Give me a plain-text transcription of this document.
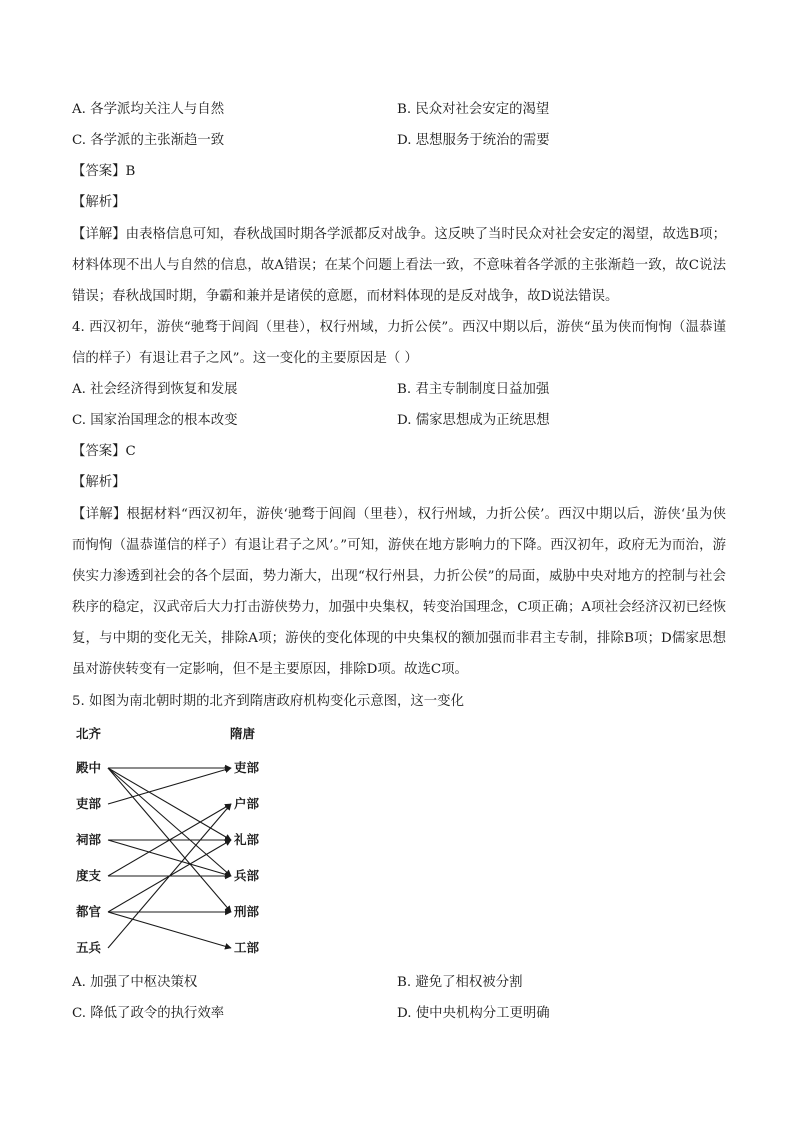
A. 各学派均关注人与自然	B. 民众对社会安定的渴望
C. 各学派的主张渐趋一致	D. 思想服务于统治的需要
【答案】B
【解析】
【详解】由表格信息可知，春秋战国时期各学派都反对战争。这反映了当时民众对社会安定的渴望，故选B项；材料体现不出人与自然的信息，故A错误；在某个问题上看法一致，不意味着各学派的主张渐趋一致，故C说法错误；春秋战国时期，争霸和兼并是诸侯的意愿，而材料体现的是反对战争，故D说法错误。
4. 西汉初年，游侠“驰骛于闾阎（里巷），权行州域，力折公侯”。西汉中期以后，游侠“虽为侠而恂恂（温恭谨信的样子）有退让君子之风”。这一变化的主要原因是（ ）
A. 社会经济得到恢复和发展	B. 君主专制制度日益加强
C. 国家治国理念的根本改变	D. 儒家思想成为正统思想
【答案】C
【解析】
【详解】根据材料“西汉初年，游侠‘驰骛于闾阎（里巷），权行州域，力折公侯’。西汉中期以后，游侠‘虽为侠而恂恂（温恭谨信的样子）有退让君子之风’。”可知，游侠在地方影响力的下降。西汉初年，政府无为而治，游侠实力渗透到社会的各个层面，势力渐大，出现“权行州县，力折公侯”的局面，威胁中央对地方的控制与社会秩序的稳定，汉武帝后大力打击游侠势力，加强中央集权，转变治国理念，C项正确；A项社会经济汉初已经恢复，与中期的变化无关，排除A项；游侠的变化体现的中央集权的额加强而非君主专制，排除B项；D儒家思想虽对游侠转变有一定影响，但不是主要原因，排除D项。故选C项。
5. 如图为南北朝时期的北齐到隋唐政府机构变化示意图，这一变化
北齐	隋唐
殿中
吏部
祠部
度支
都官
五兵
吏部
户部
礼部
兵部
刑部
工部
A. 加强了中枢决策权	B. 避免了相权被分割
C. 降低了政令的执行效率	D. 使中央机构分工更明确
